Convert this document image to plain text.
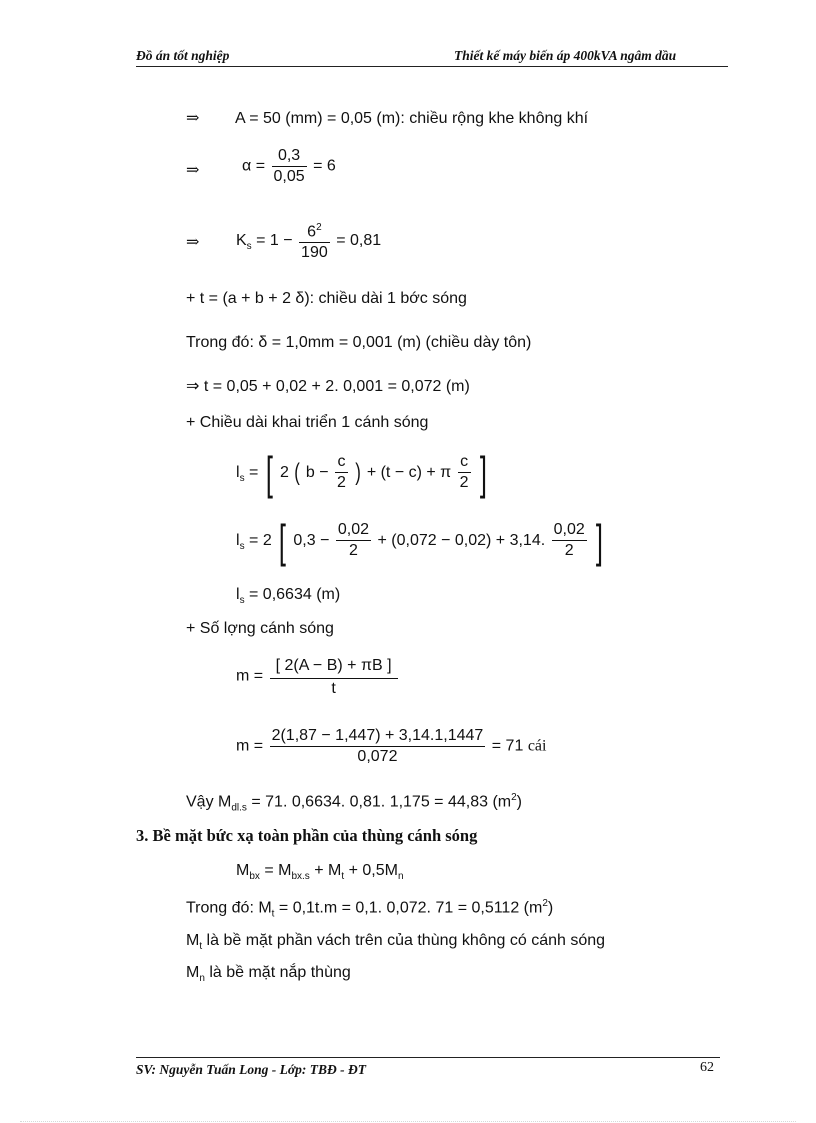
Đồ án tốt nghiệp	Thiết kế máy biến áp 400kVA ngâm dầu
⇒ A = 50 (mm) = 0,05 (m): chiều rộng khe không khí
⇒	$\alpha = \frac{0,3}{0,05} = 6$
⇒ $K_s = 1 - \frac{6^2}{190} = 0,81$
+ t = (a + b + 2 δ): chiều dài 1 bớc sóng
Trong đó: δ = 1,0mm = 0,001 (m) (chiều dày tôn)
⇒ t = 0,05 + 0,02 + 2. 0,001 = 0,072 (m)
+ Chiều dài khai triển 1 cánh sóng
$l_s$ = [ 2 ( $b - \frac{c}{2}$ ) + (t − c) + π $\frac{c}{2}$ ]
$l_s = 2$ [ $0,3 - \frac{0,02}{2} + (0,072 - 0,02) + 3,14$. $\frac{0,02}{2}$ ]
$l_s = 0,6634$ (m)
+ Số lợng cánh sóng
$m = \frac{[ 2(A - B) + \pi B ]}{t}$
$m = \frac{2(1,87 - 1,447) + 3,14.1,1447}{0,072} = 71$ cái
Vậy $M_{dl.s} = 71$. 0,6634. 0,81. 1,175 = 44,83 $(m^2)$
3. Bề mặt bức xạ toàn phần của thùng cánh sóng
$M_{bx} = M_{bx.s} + M_t + 0,5M_n$
Trong đó: $M_t = 0,1t.m = 0,1$. 0,072. 71 = 0,5112 $(m^2)$
$M_t$ là bề mặt phần vách trên của thùng không có cánh sóng
$M_n$ là bề mặt nắp thùng
SV: Nguyễn Tuấn Long - Lớp: TBĐ - ĐT	62
